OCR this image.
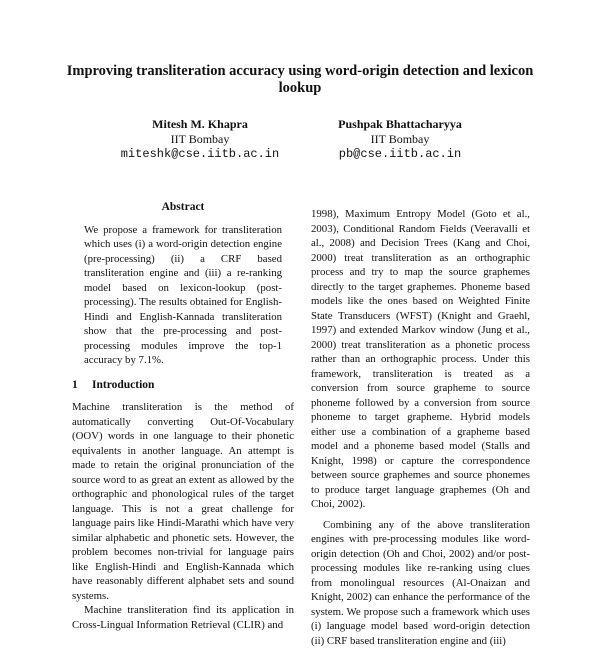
Improving transliteration accuracy using word-origin detection and lexicon lookup
Mitesh M. Khapra
IIT Bombay
miteshk@cse.iitb.ac.in
Pushpak Bhattacharyya
IIT Bombay
pb@cse.iitb.ac.in
Abstract

We propose a framework for transliteration which uses (i) a word-origin detection engine (pre-processing) (ii) a CRF based transliteration engine and (iii) a re-ranking model based on lexicon-lookup (post-processing). The results obtained for English-Hindi and English-Kannada transliteration show that the pre-processing and post-processing modules improve the top-1 accuracy by 7.1%.

1 Introduction

Machine transliteration is the method of automatically converting Out-Of-Vocabulary (OOV) words in one language to their phonetic equivalents in another language. An attempt is made to retain the original pronunciation of the source word to as great an extent as allowed by the orthographic and phonological rules of the target language. This is not a great challenge for language pairs like Hindi-Marathi which have very similar alphabetic and phonetic sets. However, the problem becomes non-trivial for language pairs like English-Hindi and English-Kannada which have reasonably different alphabet sets and sound systems.

Machine transliteration find its application in Cross-Lingual Information Retrieval (CLIR) and

1998), Maximum Entropy Model (Goto et al., 2003), Conditional Random Fields (Veeravalli et al., 2008) and Decision Trees (Kang and Choi, 2000) treat transliteration as an orthographic process and try to map the source graphemes directly to the target graphemes. Phoneme based models like the ones based on Weighted Finite State Transducers (WFST) (Knight and Graehl, 1997) and extended Markov window (Jung et al., 2000) treat transliteration as a phonetic process rather than an orthographic process. Under this framework, transliteration is treated as a conversion from source grapheme to source phoneme followed by a conversion from source phoneme to target grapheme. Hybrid models either use a combination of a grapheme based model and a phoneme based model (Stalls and Knight, 1998) or capture the correspondence between source graphemes and source phonemes to produce target language graphemes (Oh and Choi, 2002).

Combining any of the above transliteration engines with pre-processing modules like word-origin detection (Oh and Choi, 2002) and/or post-processing modules like re-ranking using clues from monolingual resources (Al-Onaizan and Knight, 2002) can enhance the performance of the system. We propose such a framework which uses (i) language model based word-origin detection (ii) CRF based transliteration engine and (iii)
